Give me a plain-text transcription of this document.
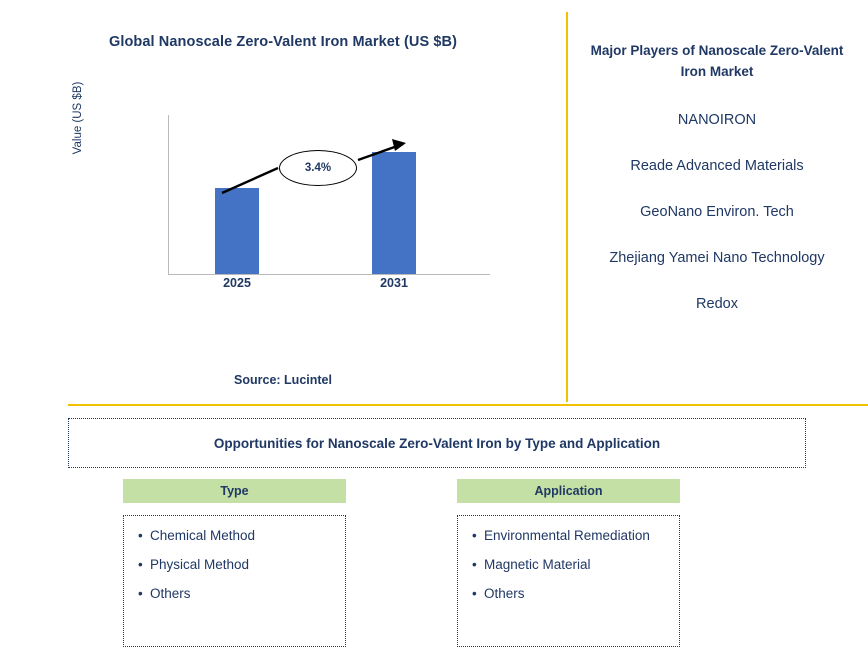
Global Nanoscale Zero-Valent Iron Market (US $B)
Value (US $B)
3.4%
2025	2031
Source: Lucintel
Major Players of Nanoscale Zero-Valent Iron Market
NANOIRON
Reade Advanced Materials
GeoNano Environ. Tech
Zhejiang Yamei Nano Technology
Redox
Opportunities for Nanoscale Zero-Valent Iron by Type and Application
Type
• Chemical Method
• Physical Method
• Others
Application
• Environmental Remediation
• Magnetic Material
• Others
